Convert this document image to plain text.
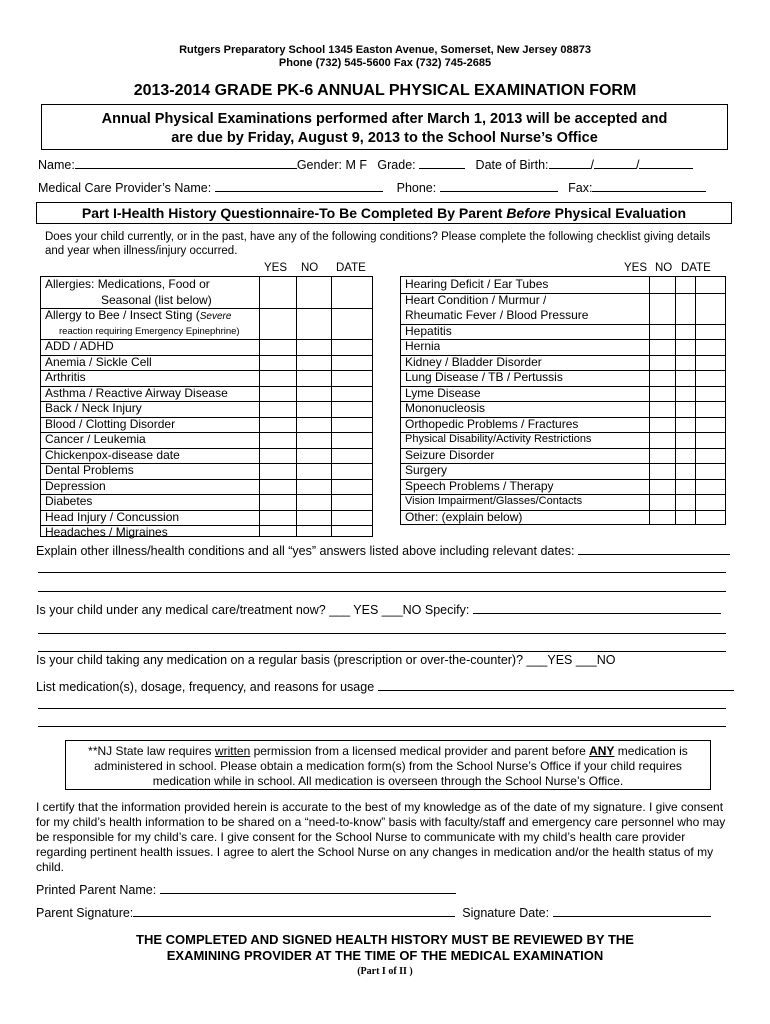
Rutgers Preparatory School 1345 Easton Avenue, Somerset, New Jersey 08873
Phone (732) 545-5600 Fax (732) 745-2685
2013-2014 GRADE PK-6 ANNUAL PHYSICAL EXAMINATION FORM
Annual Physical Examinations performed after March 1, 2013 will be accepted and
are due by Friday, August 9, 2013 to the School Nurse’s Office
Name:	Gender: M F Grade:	Date of Birth:	/	/
Medical Care Provider’s Name:	Phone:	Fax:
Part I-Health History Questionnaire-To Be Completed By Parent Before Physical Evaluation
Does your child currently, or in the past, have any of the following conditions? Please complete the following checklist giving details and year when illness/injury occurred.
YES NO DATE	YES NO DATE
Allergies: Medications, Food or
Seasonal (list below)
Allergy to Bee / Insect Sting (Severe
reaction requiring Emergency Epinephrine)
ADD / ADHD
Anemia / Sickle Cell
Arthritis
Asthma / Reactive Airway Disease
Back / Neck Injury
Blood / Clotting Disorder
Cancer / Leukemia
Chickenpox-disease date
Dental Problems
Depression
Diabetes
Head Injury / Concussion
Headaches / Migraines
Hearing Deficit / Ear Tubes
Heart Condition / Murmur /
Rheumatic Fever / Blood Pressure
Hepatitis
Hernia
Kidney / Bladder Disorder
Lung Disease / TB / Pertussis
Lyme Disease
Mononucleosis
Orthopedic Problems / Fractures
Physical Disability/Activity Restrictions
Seizure Disorder
Surgery
Speech Problems / Therapy
Vision Impairment/Glasses/Contacts
Other: (explain below)
Explain other illness/health conditions and all “yes” answers listed above including relevant dates:
Is your child under any medical care/treatment now? ___ YES ___NO Specify:
Is your child taking any medication on a regular basis (prescription or over-the-counter)? ___YES ___NO
List medication(s), dosage, frequency, and reasons for usage
**NJ State law requires written permission from a licensed medical provider and parent before ANY medication is administered in school. Please obtain a medication form(s) from the School Nurse’s Office if your child requires medication while in school. All medication is overseen through the School Nurse’s Office.
I certify that the information provided herein is accurate to the best of my knowledge as of the date of my signature. I give consent for my child’s health information to be shared on a “need-to-know” basis with faculty/staff and emergency care personnel who may be responsible for my child’s care. I give consent for the School Nurse to communicate with my child’s health care provider regarding pertinent health issues. I agree to alert the School Nurse on any changes in medication and/or the health status of my child.
Printed Parent Name:
Parent Signature:	Signature Date:
THE COMPLETED AND SIGNED HEALTH HISTORY MUST BE REVIEWED BY THE
EXAMINING PROVIDER AT THE TIME OF THE MEDICAL EXAMINATION
(Part I of II )
